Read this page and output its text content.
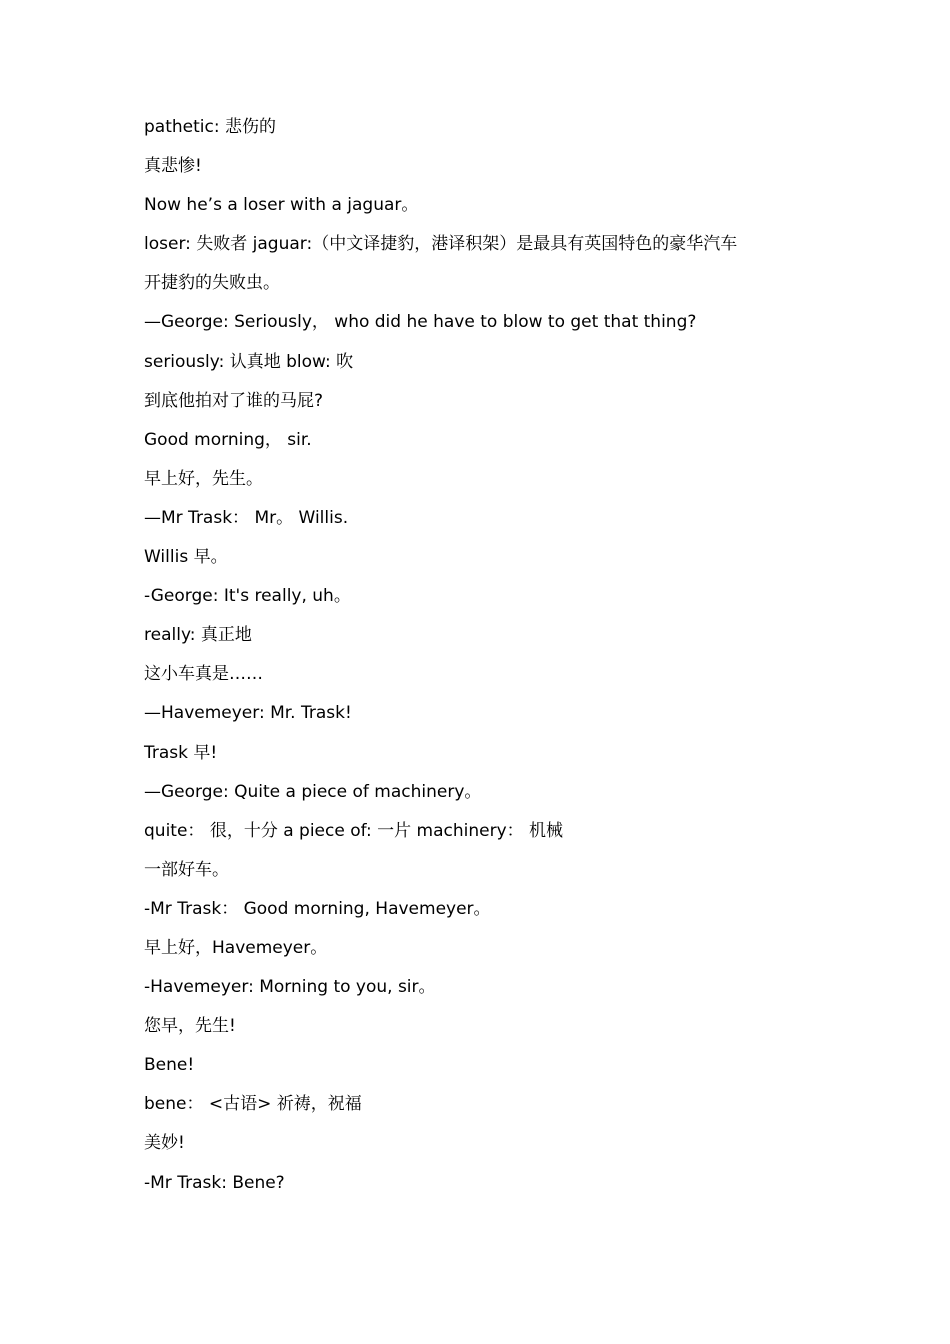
pathetic: 悲伤的

真悲惨!

Now he’s a loser with a jaguar。

loser: 失败者 jaguar:（中文译捷豹，港译积架）是最具有英国特色的豪华汽车

开捷豹的失败虫。

—George: Seriously， who did he have to blow to get that thing?

seriously: 认真地 blow: 吹

到底他拍对了谁的马屁?

Good morning， sir.

早上好，先生。

—Mr Trask： Mr。 Willis.

Willis 早。

-George: It's really, uh。

really: 真正地

这小车真是……

—Havemeyer: Mr. Trask!

Trask 早!

—George: Quite a piece of machinery。

quite： 很，十分 a piece of: 一片 machinery： 机械

一部好车。

-Mr Trask： Good morning, Havemeyer。

早上好，Havemeyer。

-Havemeyer: Morning to you, sir。

您早，先生!

Bene!

bene： <古语> 祈祷，祝福

美妙!

-Mr Trask: Bene?
